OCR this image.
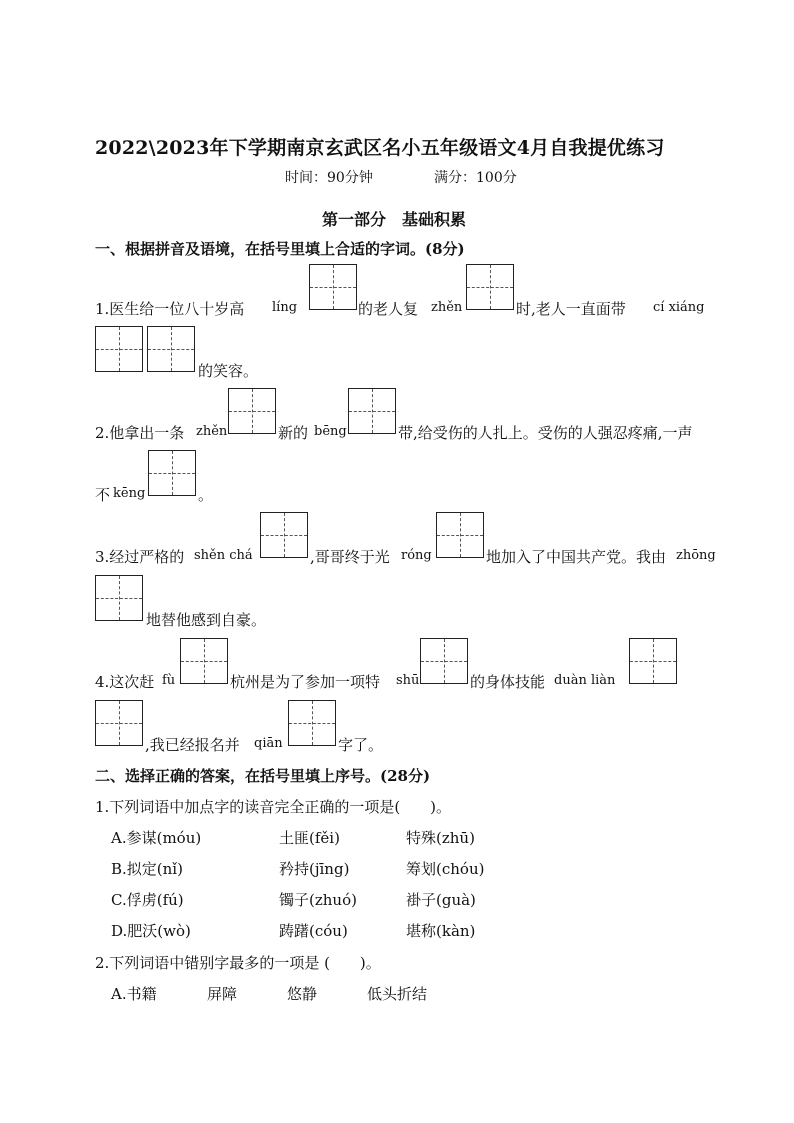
2022\2023年下学期南京玄武区名小五年级语文4月自我提优练习
时间：90分钟	满分：100分
第一部分　基础积累
一、根据拼音及语境，在括号里填上合适的字词。(8分)
1.医生给一位八十岁高 líng	的老人复 zhěn	时,老人一直面带 cí xiáng
的笑容。
2.他拿出一条 zhěn	新的 bēng	带,给受伤的人扎上。受伤的人强忍疼痛,一声
不 kēng	。
3.经过严格的 shěn chá	,哥哥终于光 róng	地加入了中国共产党。我由 zhōng
地替他感到自豪。
4.这次赶 fù	杭州是为了参加一项特 shū	的身体技能 duàn liàn
,我已经报名并 qiān	字了。
二、选择正确的答案，在括号里填上序号。(28分)
1.下列词语中加点字的读音完全正确的一项是(　　)。
A.参谋(móu)	土匪(fěi)	特殊(zhū)
B.拟定(nǐ)	矜持(jīng)	筹划(chóu)
C.俘虏(fú)	镯子(zhuó)	褂子(guà)
D.肥沃(wò)	踌躇(cóu)	堪称(kàn)
2.下列词语中错别字最多的一项是 (　　)。
A.书籍	屏障	悠静	低头折结
